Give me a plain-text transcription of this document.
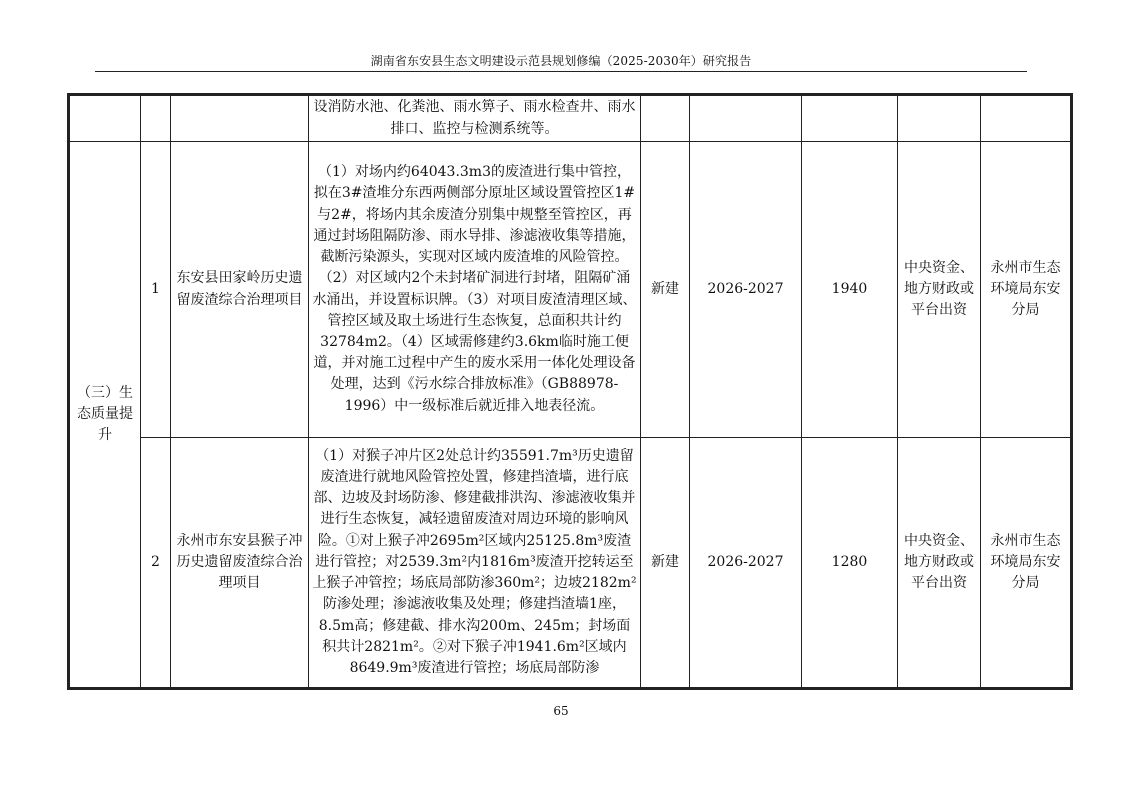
湖南省东安县生态文明建设示范县规划修编（2025-2030年）研究报告
			设消防水池、化粪池、雨水箅子、雨水检查井、雨水排口、监控与检测系统等。					
（三）生态质量提升	1	东安县田家岭历史遗留废渣综合治理项目	（1）对场内约64043.3m3的废渣进行集中管控，拟在3#渣堆分东西两侧部分原址区域设置管控区1#与2#，将场内其余废渣分别集中规整至管控区，再通过封场阻隔防渗、雨水导排、渗滤液收集等措施，截断污染源头，实现对区域内废渣堆的风险管控。（2）对区域内2个未封堵矿洞进行封堵，阻隔矿涌水涌出，并设置标识牌。（3）对项目废渣清理区域、管控区域及取土场进行生态恢复，总面积共计约32784m2。（4）区域需修建约3.6km临时施工便道，并对施工过程中产生的废水采用一体化处理设备处理，达到《污水综合排放标准》（GB88978-1996）中一级标准后就近排入地表径流。	新建	2026-2027	1940	中央资金、地方财政或平台出资	永州市生态环境局东安分局
	2	永州市东安县猴子冲历史遗留废渣综合治理项目	（1）对猴子冲片区2处总计约35591.7m³历史遗留废渣进行就地风险管控处置，修建挡渣墙，进行底部、边坡及封场防渗、修建截排洪沟、渗滤液收集并进行生态恢复，减轻遗留废渣对周边环境的影响风险。①对上猴子冲2695m²区域内25125.8m³废渣进行管控；对2539.3m²内1816m³废渣开挖转运至上猴子冲管控；场底局部防渗360m²；边坡2182m²防渗处理；渗滤液收集及处理；修建挡渣墙1座，8.5m高；修建截、排水沟200m、245m；封场面积共计2821m²。②对下猴子冲1941.6m²区域内8649.9m³废渣进行管控；场底局部防渗	新建	2026-2027	1280	中央资金、地方财政或平台出资	永州市生态环境局东安分局
65
